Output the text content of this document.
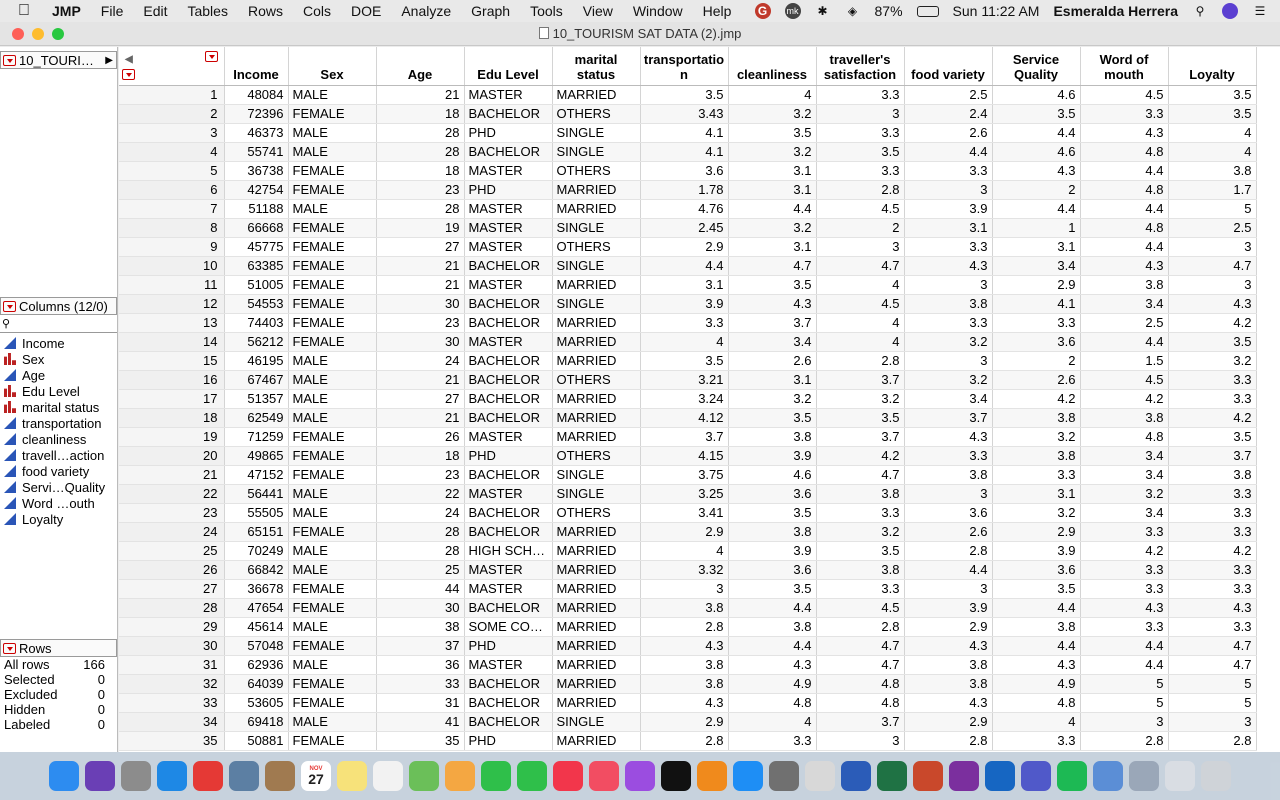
JMP	File	Edit	Tables	Rows	Cols	DOE	Analyze	Graph	Tools	View	Window	Help	G	mk ✱ ◈ 87%	Sun 11:22 AM Esmeralda Herrera ⚲	☰
10_TOURISM SAT DATA (2).jmp
10_TOURI… ▶
Columns (12/0)
⚲
Income
Sex
Age
Edu Level
marital status
transportation
cleanliness
travell…action
food variety
Servi…Quality
Word …outh
Loyalty
Rows
All rows	166
Selected	0
Excluded	0
Hidden	0
Labeled	0
◀	Income	Sex	Age	Edu Level	marital
status	transportatio
n	cleanliness	traveller's
satisfaction	food variety	Service
Quality	Word of
mouth	Loyalty
1	48084	MALE	21	MASTER	MARRIED	3.5	4	3.3	2.5	4.6	4.5	3.5
2	72396	FEMALE	18	BACHELOR	OTHERS	3.43	3.2	3	2.4	3.5	3.3	3.5
3	46373	MALE	28	PHD	SINGLE	4.1	3.5	3.3	2.6	4.4	4.3	4
4	55741	MALE	28	BACHELOR	SINGLE	4.1	3.2	3.5	4.4	4.6	4.8	4
5	36738	FEMALE	18	MASTER	OTHERS	3.6	3.1	3.3	3.3	4.3	4.4	3.8
6	42754	FEMALE	23	PHD	MARRIED	1.78	3.1	2.8	3	2	4.8	1.7
7	51188	MALE	28	MASTER	MARRIED	4.76	4.4	4.5	3.9	4.4	4.4	5
8	66668	FEMALE	19	MASTER	SINGLE	2.45	3.2	2	3.1	1	4.8	2.5
9	45775	FEMALE	27	MASTER	OTHERS	2.9	3.1	3	3.3	3.1	4.4	3
10	63385	FEMALE	21	BACHELOR	SINGLE	4.4	4.7	4.7	4.3	3.4	4.3	4.7
11	51005	FEMALE	21	MASTER	MARRIED	3.1	3.5	4	3	2.9	3.8	3
12	54553	FEMALE	30	BACHELOR	SINGLE	3.9	4.3	4.5	3.8	4.1	3.4	4.3
13	74403	FEMALE	23	BACHELOR	MARRIED	3.3	3.7	4	3.3	3.3	2.5	4.2
14	56212	FEMALE	30	MASTER	MARRIED	4	3.4	4	3.2	3.6	4.4	3.5
15	46195	MALE	24	BACHELOR	MARRIED	3.5	2.6	2.8	3	2	1.5	3.2
16	67467	MALE	21	BACHELOR	OTHERS	3.21	3.1	3.7	3.2	2.6	4.5	3.3
17	51357	MALE	27	BACHELOR	MARRIED	3.24	3.2	3.2	3.4	4.2	4.2	3.3
18	62549	MALE	21	BACHELOR	MARRIED	4.12	3.5	3.5	3.7	3.8	3.8	4.2
19	71259	FEMALE	26	MASTER	MARRIED	3.7	3.8	3.7	4.3	3.2	4.8	3.5
20	49865	FEMALE	18	PHD	OTHERS	4.15	3.9	4.2	3.3	3.8	3.4	3.7
21	47152	FEMALE	23	BACHELOR	SINGLE	3.75	4.6	4.7	3.8	3.3	3.4	3.8
22	56441	MALE	22	MASTER	SINGLE	3.25	3.6	3.8	3	3.1	3.2	3.3
23	55505	MALE	24	BACHELOR	OTHERS	3.41	3.5	3.3	3.6	3.2	3.4	3.3
24	65151	FEMALE	28	BACHELOR	MARRIED	2.9	3.8	3.2	2.6	2.9	3.3	3.3
25	70249	MALE	28	HIGH SCH…	MARRIED	4	3.9	3.5	2.8	3.9	4.2	4.2
26	66842	MALE	25	MASTER	MARRIED	3.32	3.6	3.8	4.4	3.6	3.3	3.3
27	36678	FEMALE	44	MASTER	MARRIED	3	3.5	3.3	3	3.5	3.3	3.3
28	47654	FEMALE	30	BACHELOR	MARRIED	3.8	4.4	4.5	3.9	4.4	4.3	4.3
29	45614	MALE	38	SOME CO…	MARRIED	2.8	3.8	2.8	2.9	3.8	3.3	3.3
30	57048	FEMALE	37	PHD	MARRIED	4.3	4.4	4.7	4.3	4.4	4.4	4.7
31	62936	MALE	36	MASTER	MARRIED	3.8	4.3	4.7	3.8	4.3	4.4	4.7
32	64039	FEMALE	33	BACHELOR	MARRIED	3.8	4.9	4.8	3.8	4.9	5	5
33	53605	FEMALE	31	BACHELOR	MARRIED	4.3	4.8	4.8	4.3	4.8	5	5
34	69418	MALE	41	BACHELOR	SINGLE	2.9	4	3.7	2.9	4	3	3
35	50881	FEMALE	35	PHD	MARRIED	2.8	3.3	3	2.8	3.3	2.8	2.8
NOV
27
